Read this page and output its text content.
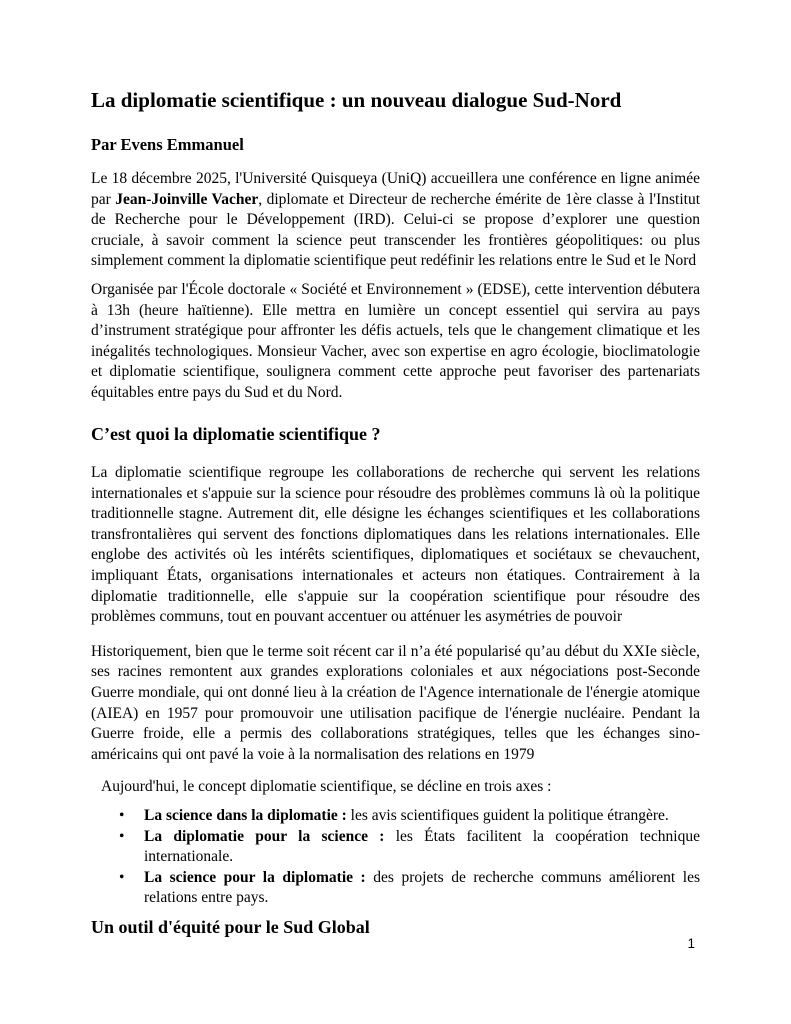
La diplomatie scientifique : un nouveau dialogue Sud-Nord

Par Evens Emmanuel

Le 18 décembre 2025, l'Université Quisqueya (UniQ) accueillera une conférence en ligne animée par Jean-Joinville Vacher, diplomate et Directeur de recherche émérite de 1ère classe à l'Institut de Recherche pour le Développement (IRD). Celui-ci se propose d’explorer une question cruciale, à savoir comment la science peut transcender les frontières géopolitiques: ou plus simplement comment la diplomatie scientifique peut redéfinir les relations entre le Sud et le Nord

Organisée par l'École doctorale « Société et Environnement » (EDSE), cette intervention débutera à 13h (heure haïtienne). Elle mettra en lumière un concept essentiel qui servira au pays d’instrument stratégique pour affronter les défis actuels, tels que le changement climatique et les inégalités technologiques. Monsieur Vacher, avec son expertise en agro écologie, bioclimatologie et diplomatie scientifique, soulignera comment cette approche peut favoriser des partenariats équitables entre pays du Sud et du Nord.

C’est quoi la diplomatie scientifique ?

La diplomatie scientifique regroupe les collaborations de recherche qui servent les relations internationales et s'appuie sur la science pour résoudre des problèmes communs là où la politique traditionnelle stagne. Autrement dit, elle désigne les échanges scientifiques et les collaborations transfrontalières qui servent des fonctions diplomatiques dans les relations internationales. Elle englobe des activités où les intérêts scientifiques, diplomatiques et sociétaux se chevauchent, impliquant États, organisations internationales et acteurs non étatiques. Contrairement à la diplomatie traditionnelle, elle s'appuie sur la coopération scientifique pour résoudre des problèmes communs, tout en pouvant accentuer ou atténuer les asymétries de pouvoir

Historiquement, bien que le terme soit récent car il n’a été popularisé qu’au début du XXIe siècle, ses racines remontent aux grandes explorations coloniales et aux négociations post-Seconde Guerre mondiale, qui ont donné lieu à la création de l'Agence internationale de l'énergie atomique (AIEA) en 1957 pour promouvoir une utilisation pacifique de l'énergie nucléaire. Pendant la Guerre froide, elle a permis des collaborations stratégiques, telles que les échanges sino-américains qui ont pavé la voie à la normalisation des relations en 1979

Aujourd'hui, le concept diplomatie scientifique, se décline en trois axes :

• La science dans la diplomatie : les avis scientifiques guident la politique étrangère.
• La diplomatie pour la science : les États facilitent la coopération technique internationale.
• La science pour la diplomatie : des projets de recherche communs améliorent les relations entre pays.
Un outil d'équité pour le Sud Global
1
